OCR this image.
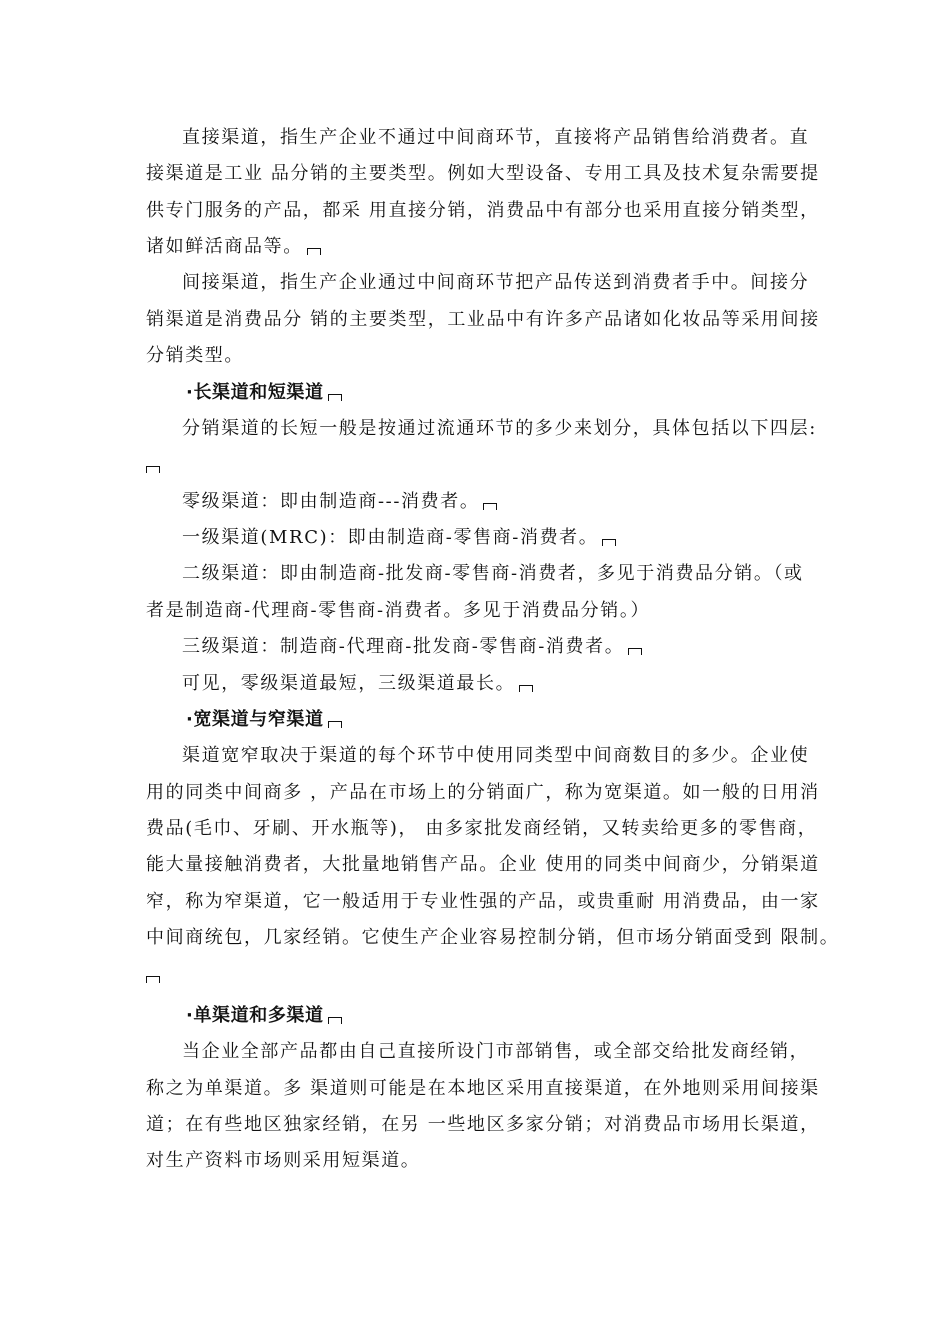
直接渠道，指生产企业不通过中间商环节，直接将产品销售给消费者。直
接渠道是工业 品分销的主要类型。例如大型设备、专用工具及技术复杂需要提
供专门服务的产品，都采 用直接分销，消费品中有部分也采用直接分销类型，
诸如鲜活商品等。
间接渠道，指生产企业通过中间商环节把产品传送到消费者手中。间接分
销渠道是消费品分 销的主要类型，工业品中有许多产品诸如化妆品等采用间接
分销类型。
·长渠道和短渠道
分销渠道的长短一般是按通过流通环节的多少来划分，具体包括以下四层:
零级渠道：即由制造商---消费者。
一级渠道(MRC)：即由制造商-零售商-消费者。
二级渠道：即由制造商-批发商-零售商-消费者，多见于消费品分销。（或
者是制造商-代理商-零售商-消费者。多见于消费品分销。）
三级渠道：制造商-代理商-批发商-零售商-消费者。
可见，零级渠道最短，三级渠道最长。
·宽渠道与窄渠道
渠道宽窄取决于渠道的每个环节中使用同类型中间商数目的多少。企业使
用的同类中间商多 ，产品在市场上的分销面广，称为宽渠道。如一般的日用消
费品(毛巾、牙刷、开水瓶等)， 由多家批发商经销，又转卖给更多的零售商，
能大量接触消费者，大批量地销售产品。企业 使用的同类中间商少，分销渠道
窄，称为窄渠道，它一般适用于专业性强的产品，或贵重耐 用消费品，由一家
中间商统包，几家经销。它使生产企业容易控制分销，但市场分销面受到 限制。
·单渠道和多渠道
当企业全部产品都由自己直接所设门市部销售，或全部交给批发商经销，
称之为单渠道。多 渠道则可能是在本地区采用直接渠道，在外地则采用间接渠
道；在有些地区独家经销，在另 一些地区多家分销；对消费品市场用长渠道，
对生产资料市场则采用短渠道。
